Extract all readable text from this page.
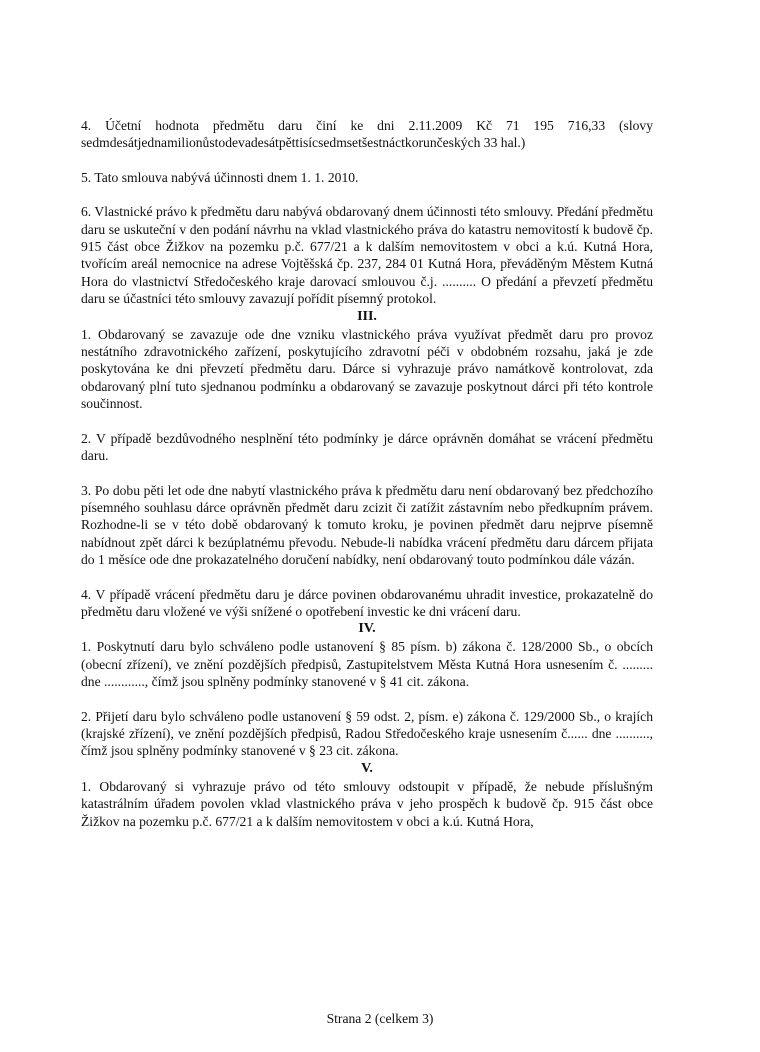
4. Účetní hodnota předmětu daru činí ke dni 2.11.2009 Kč 71 195 716,33 (slovy sedmdesátjednamilionůstodevadesátpěttisícsedmsetšestnáctkorunčeských 33 hal.)

5. Tato smlouva nabývá účinnosti dnem 1. 1. 2010.

6. Vlastnické právo k předmětu daru nabývá obdarovaný dnem účinnosti této smlouvy. Předání předmětu daru se uskuteční v den podání návrhu na vklad vlastnického práva do katastru nemovitostí k budově čp. 915 část obce Žižkov na pozemku p.č. 677/21 a k dalším nemovitostem v obci a k.ú. Kutná Hora, tvořícím areál nemocnice na adrese Vojtěšská čp. 237, 284 01 Kutná Hora, převáděným Městem Kutná Hora do vlastnictví Středočeského kraje darovací smlouvou č.j. .......... O předání a převzetí předmětu daru se účastníci této smlouvy zavazují pořídit písemný protokol.

III.

1. Obdarovaný se zavazuje ode dne vzniku vlastnického práva využívat předmět daru pro provoz nestátního zdravotnického zařízení, poskytujícího zdravotní péči v obdobném rozsahu, jaká je zde poskytována ke dni převzetí předmětu daru. Dárce si vyhrazuje právo namátkově kontrolovat, zda obdarovaný plní tuto sjednanou podmínku a obdarovaný se zavazuje poskytnout dárci při této kontrole součinnost.

2. V případě bezdůvodného nesplnění této podmínky je dárce oprávněn domáhat se vrácení předmětu daru.

3. Po dobu pěti let ode dne nabytí vlastnického práva k předmětu daru není obdarovaný bez předchozího písemného souhlasu dárce oprávněn předmět daru zcizit či zatížit zástavním nebo předkupním právem. Rozhodne-li se v této době obdarovaný k tomuto kroku, je povinen předmět daru nejprve písemně nabídnout zpět dárci k bezúplatnému převodu. Nebude-li nabídka vrácení předmětu daru dárcem přijata do 1 měsíce ode dne prokazatelného doručení nabídky, není obdarovaný touto podmínkou dále vázán.

4. V případě vrácení předmětu daru je dárce povinen obdarovanému uhradit investice, prokazatelně do předmětu daru vložené ve výši snížené o opotřebení investic ke dni vrácení daru.

IV.

1. Poskytnutí daru bylo schváleno podle ustanovení § 85 písm. b) zákona č. 128/2000 Sb., o obcích (obecní zřízení), ve znění pozdějších předpisů, Zastupitelstvem Města Kutná Hora usnesením č. ......... dne ............, čímž jsou splněny podmínky stanovené v § 41 cit. zákona.

2. Přijetí daru bylo schváleno podle ustanovení § 59 odst. 2, písm. e) zákona č. 129/2000 Sb., o krajích (krajské zřízení), ve znění pozdějších předpisů, Radou Středočeského kraje usnesením č...... dne .........., čímž jsou splněny podmínky stanovené v § 23 cit. zákona.

V.

1. Obdarovaný si vyhrazuje právo od této smlouvy odstoupit v případě, že nebude příslušným katastrálním úřadem povolen vklad vlastnického práva v jeho prospěch k budově čp. 915 část obce Žižkov na pozemku p.č. 677/21 a k dalším nemovitostem v obci a k.ú. Kutná Hora,

Strana 2 (celkem 3)
